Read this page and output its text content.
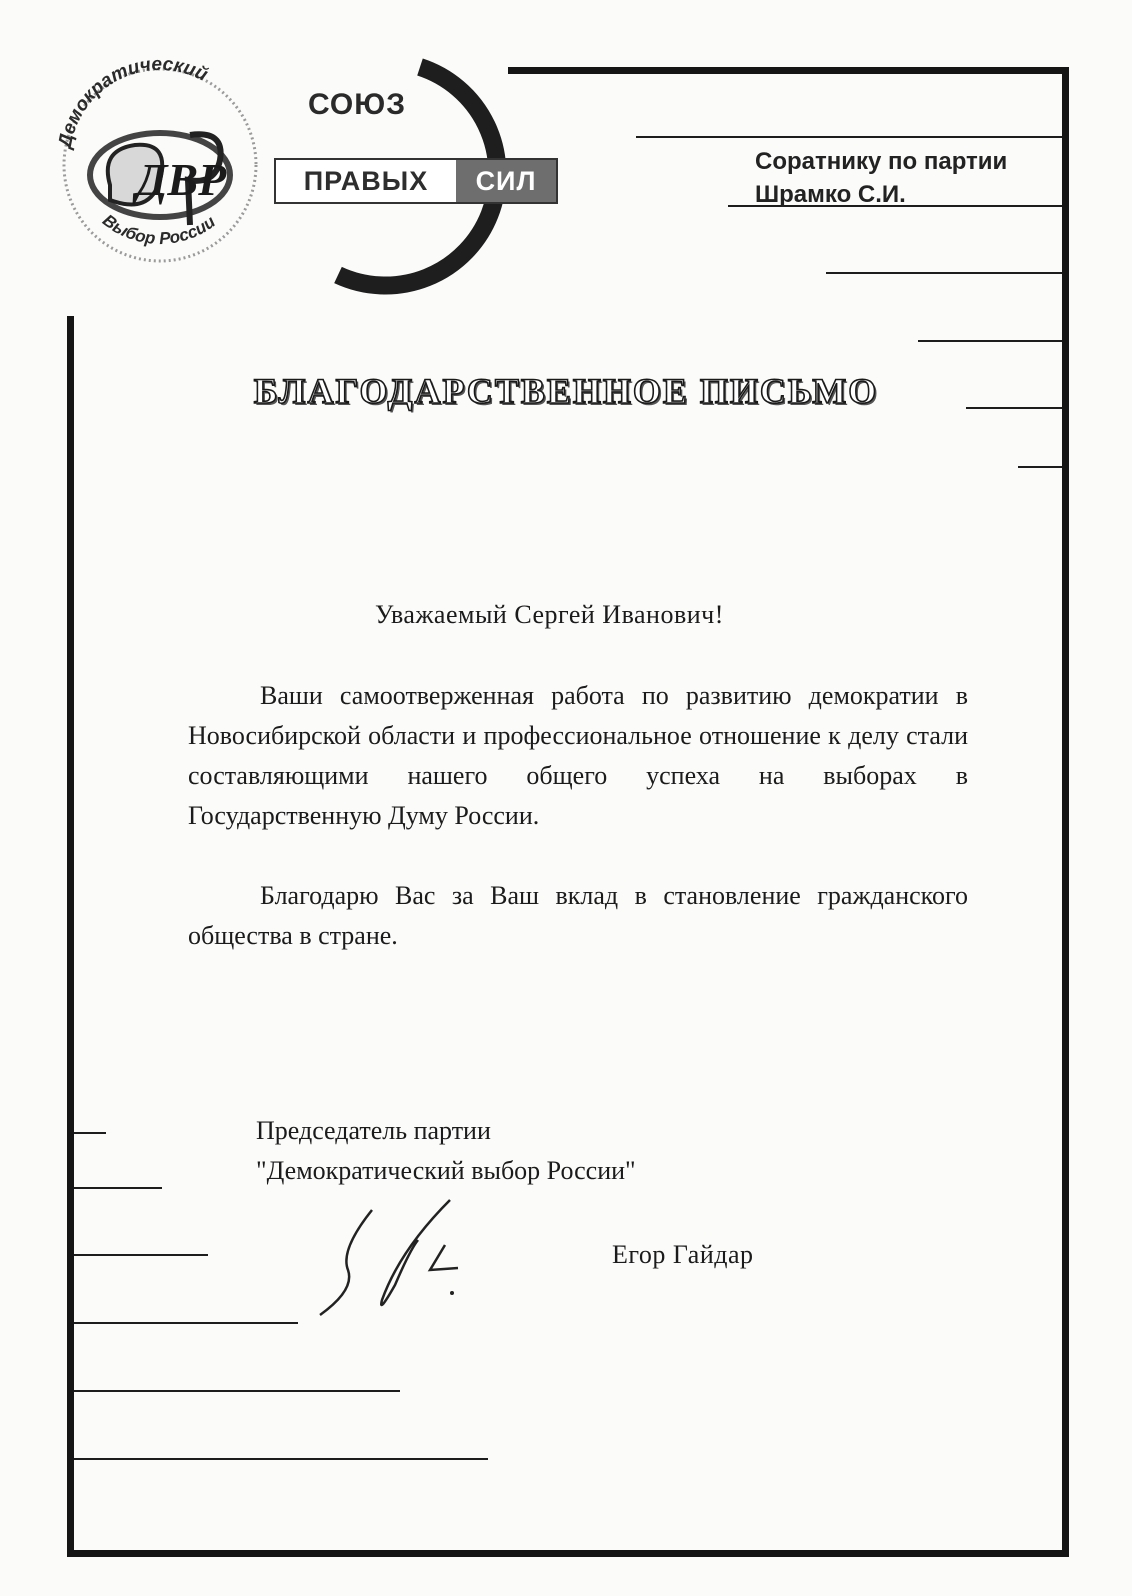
Демократический
Выбор России
ДВР
СОЮЗ
ПРАВЫХ	СИЛ
Соратнику по партии
Шрамко С.И.
БЛАГОДАРСТВЕННОЕ ПИСЬМО
Уважаемый Сергей Иванович!
Ваши самоотверженная работа по развитию демократии в Новосибирской области и профессиональное отношение к делу стали составляющими нашего общего успеха на выборах в Государственную Думу России.
Благодарю Вас за Ваш вклад в становление гражданского общества в стране.
Председатель партии
"Демократический выбор России"
Егор Гайдар
